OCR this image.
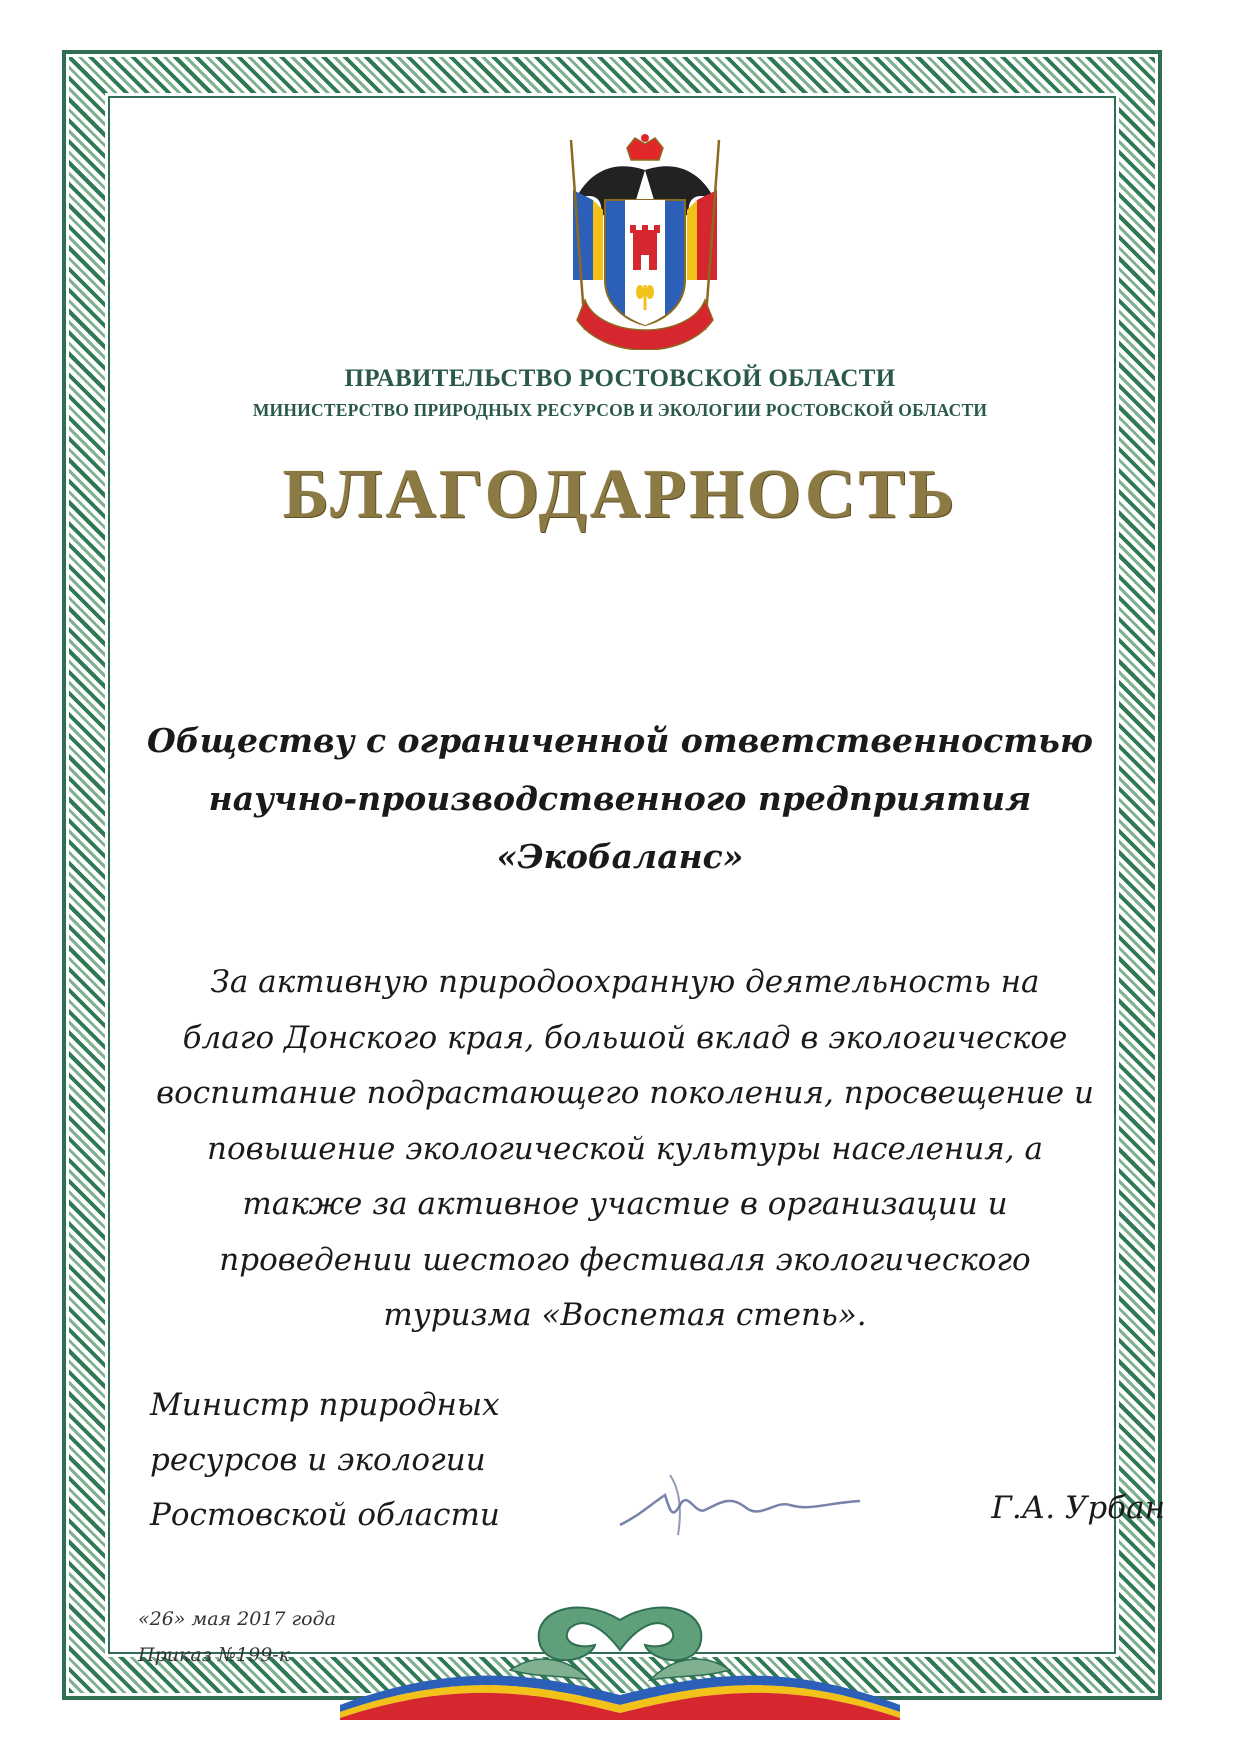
ПРАВИТЕЛЬСТВО РОСТОВСКОЙ ОБЛАСТИ

МИНИСТЕРСТВО ПРИРОДНЫХ РЕСУРСОВ И ЭКОЛОГИИ РОСТОВСКОЙ ОБЛАСТИ

БЛАГОДАРНОСТЬ
Обществу с ограниченной ответственностью
научно-производственного предприятия
«Экобаланс»
За активную природоохранную деятельность на
благо Донского края, большой вклад в экологическое
воспитание подрастающего поколения, просвещение и
повышение экологической культуры населения, а
также за активное участие в организации и
проведении шестого фестиваля экологического
туризма «Воспетая степь».
Министр природных
ресурсов и экологии
Ростовской области	Г.А. Урбан

«26» мая 2017 года

Приказ №199-к
